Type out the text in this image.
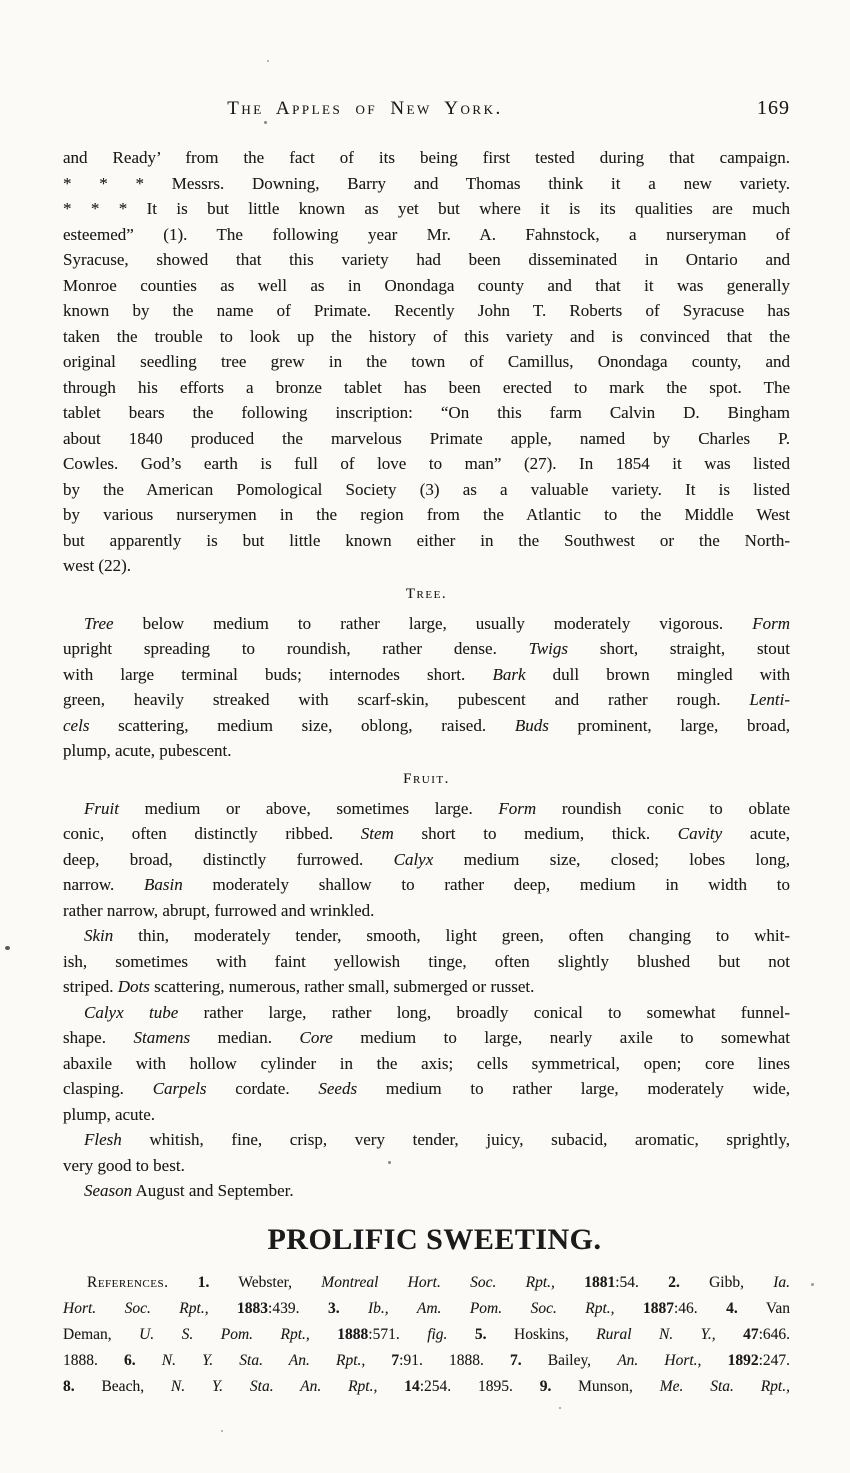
The Apples of New York.	169
and Ready’ from the fact of its being first tested during that campaign.
* * * Messrs. Downing, Barry and Thomas think it a new variety.
* * * It is but little known as yet but where it is its qualities are much
esteemed” (1). The following year Mr. A. Fahnstock, a nurseryman of
Syracuse, showed that this variety had been disseminated in Ontario and
Monroe counties as well as in Onondaga county and that it was generally
known by the name of Primate. Recently John T. Roberts of Syracuse has
taken the trouble to look up the history of this variety and is convinced that the
original seedling tree grew in the town of Camillus, Onondaga county, and
through his efforts a bronze tablet has been erected to mark the spot. The
tablet bears the following inscription: “On this farm Calvin D. Bingham
about 1840 produced the marvelous Primate apple, named by Charles P.
Cowles. God’s earth is full of love to man” (27). In 1854 it was listed
by the American Pomological Society (3) as a valuable variety. It is listed
by various nurserymen in the region from the Atlantic to the Middle West
but apparently is but little known either in the Southwest or the North-
west (22).
Tree.
Tree below medium to rather large, usually moderately vigorous. Form
upright spreading to roundish, rather dense. Twigs short, straight, stout
with large terminal buds; internodes short. Bark dull brown mingled with
green, heavily streaked with scarf-skin, pubescent and rather rough. Lenti-
cels scattering, medium size, oblong, raised. Buds prominent, large, broad,
plump, acute, pubescent.
Fruit.
Fruit medium or above, sometimes large. Form roundish conic to oblate
conic, often distinctly ribbed. Stem short to medium, thick. Cavity acute,
deep, broad, distinctly furrowed. Calyx medium size, closed; lobes long,
narrow. Basin moderately shallow to rather deep, medium in width to
rather narrow, abrupt, furrowed and wrinkled.
Skin thin, moderately tender, smooth, light green, often changing to whit-
ish, sometimes with faint yellowish tinge, often slightly blushed but not
striped. Dots scattering, numerous, rather small, submerged or russet.
Calyx tube rather large, rather long, broadly conical to somewhat funnel-
shape. Stamens median. Core medium to large, nearly axile to somewhat
abaxile with hollow cylinder in the axis; cells symmetrical, open; core lines
clasping. Carpels cordate. Seeds medium to rather large, moderately wide,
plump, acute.
Flesh whitish, fine, crisp, very tender, juicy, subacid, aromatic, sprightly,
very good to best.
Season August and September.
PROLIFIC SWEETING.
References. 1. Webster, Montreal Hort. Soc. Rpt., 1881:54. 2. Gibb, Ia.
Hort. Soc. Rpt., 1883:439. 3. Ib., Am. Pom. Soc. Rpt., 1887:46. 4. Van
Deman, U. S. Pom. Rpt., 1888:571. fig. 5. Hoskins, Rural N. Y., 47:646.
1888. 6. N. Y. Sta. An. Rpt., 7:91. 1888. 7. Bailey, An. Hort., 1892:247.
8. Beach, N. Y. Sta. An. Rpt., 14:254. 1895. 9. Munson, Me. Sta. Rpt.,
